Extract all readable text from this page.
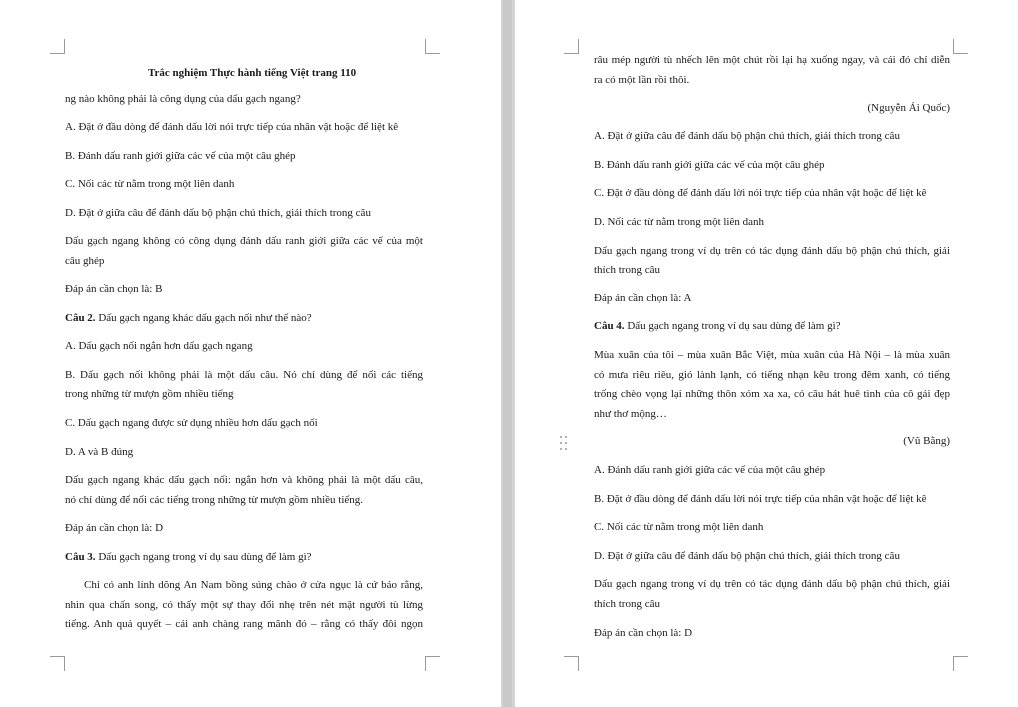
Trắc nghiệm Thực hành tiếng Việt trang 110
ng nào không phải là công dụng của dấu gạch ngang?
A. Đặt ở đầu dòng để đánh dấu lời nói trực tiếp của nhân vật hoặc để liệt kê
B. Đánh dấu ranh giới giữa các vế của một câu ghép
C. Nối các từ nằm trong một liên danh
D. Đặt ở giữa câu để đánh dấu bộ phận chú thích, giải thích trong câu
Dấu gạch ngang không có công dụng đánh dấu ranh giới giữa các vế của một
câu ghép
Đáp án cần chọn là: B
Câu 2. Dấu gạch ngang khác dấu gạch nối như thế nào?
A. Dấu gạch nối ngắn hơn dấu gạch ngang
B. Dấu gạch nối không phải là một dấu câu. Nó chỉ dùng để nối các tiếng
trong những từ mượn gồm nhiều tiếng
C. Dấu gạch ngang được sử dụng nhiều hơn dấu gạch nối
D. A và B đúng
Dấu gạch ngang khác dấu gạch nối: ngắn hơn và không phải là một dấu câu,
nó chỉ dùng để nối các tiếng trong những từ mượn gồm nhiều tiếng.
Đáp án cần chọn là: D
Câu 3. Dấu gạch ngang trong ví dụ sau dùng để làm gì?
Chỉ có anh lính dõng An Nam bồng súng chào ở cửa ngục là cứ bảo rằng,
nhìn qua chấn song, có thấy một sự thay đổi nhẹ trên nét mặt người tù lừng
tiếng. Anh quả quyết – cái anh chàng rang mãnh đó – rằng có thấy đôi ngọn
râu mép người tù nhếch lên một chút rồi lại hạ xuống ngay, và cái đó chỉ diễn
ra có một lần rồi thôi.
(Nguyễn Ái Quốc)
A. Đặt ở giữa câu để đánh dấu bộ phận chú thích, giải thích trong câu
B. Đánh dấu ranh giới giữa các vế của một câu ghép
C. Đặt ở đầu dòng để đánh dấu lời nói trực tiếp của nhân vật hoặc để liệt kê
D. Nối các từ nằm trong một liên danh
Dấu gạch ngang trong ví dụ trên có tác dụng đánh dấu bộ phận chú thích, giải
thích trong câu
Đáp án cần chọn là: A
Câu 4. Dấu gạch ngang trong ví dụ sau dùng để làm gì?
Mùa xuân của tôi – mùa xuân Bắc Việt, mùa xuân của Hà Nội – là mùa xuân
có mưa riêu riêu, gió lành lạnh, có tiếng nhạn kêu trong đêm xanh, có tiếng
trống chèo vọng lại những thôn xóm xa xa, có câu hát huê tình của cô gái đẹp
như thơ mộng…
(Vũ Bằng)
A. Đánh dấu ranh giới giữa các vế của một câu ghép
B. Đặt ở đầu dòng để đánh dấu lời nói trực tiếp của nhân vật hoặc để liệt kê
C. Nối các từ nằm trong một liên danh
D. Đặt ở giữa câu để đánh dấu bộ phận chú thích, giải thích trong câu
Dấu gạch ngang trong ví dụ trên có tác dụng đánh dấu bộ phận chú thích, giải
thích trong câu
Đáp án cần chọn là: D
